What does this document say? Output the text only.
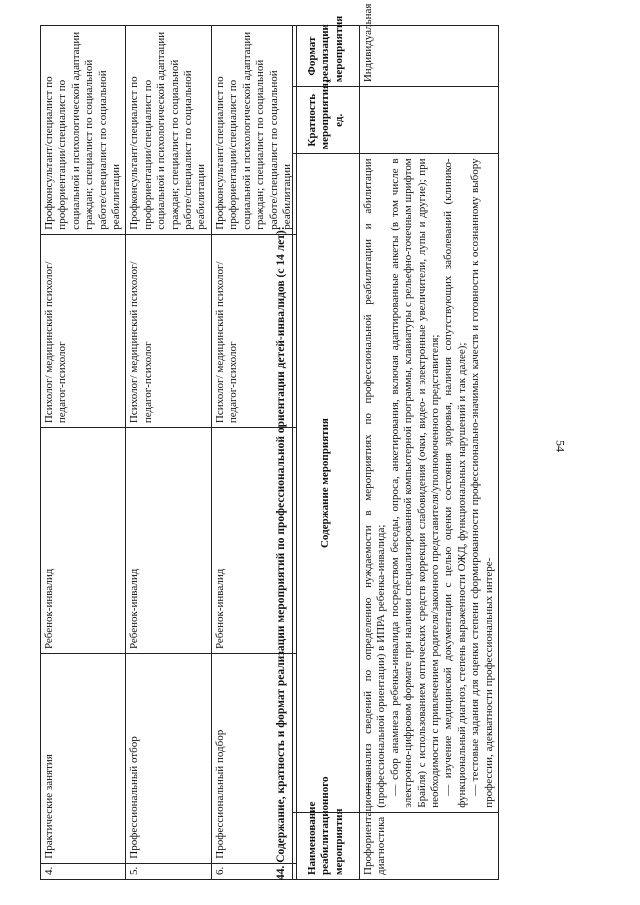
54
4.	Практические занятия	Ребенок-инвалид	Психолог/ медицинский психолог/ педагог-психолог	Профконсультант/специалист по профориентации/специалист по социальной и психологической адаптации граждан; специалист по социальной работе/специалист по социальной реабилитации
5.	Профессиональный отбор	Ребенок-инвалид	Психолог/ медицинский психолог/ педагог-психолог	Профконсультант/специалист по профориентации/специалист по социальной и психологической адаптации граждан; специалист по социальной работе/специалист по социальной реабилитации
6.	Профессиональный подбор	Ребенок-инвалид	Психолог/ медицинский психолог/ педагог-психолог	Профконсультант/специалист по профориентации/специалист по социальной и психологической адаптации граждан; специалист по социальной работе/специалист по социальной реабилитации
44. Содержание, кратность и формат реализации мероприятий по профессиональной ориентации детей-инвалидов (с 14 лет): Наименование реабилитационного мероприятия	Содержание мероприятия	Кратность мероприятия, ед.	Формат реализации мероприятия
Профориентационная диагностика	— анализ сведений по определению нуждаемости в мероприятиях по профессиональной реабилитации и абилитации (профессиональной ориентации) в ИПРА ребенка-инвалида; — сбор анамнеза ребенка-инвалида посредством беседы, опроса, анкетирования, включая адаптированные анкеты (в том числе в электронно-цифровом формате при наличии специализированной компьютерной программы, клавиатуры с рельефно-точечным шрифтом Брайля) с использованием оптических средств коррекции слабовидения (очки, видео- и электронные увеличители, лупы и другие); при необходимости с привлечением родителя/законного представителя/уполномоченного представителя; — изучение медицинской документации с целью оценки состояния здоровья, наличия сопутствующих заболеваний (клинико-функциональный диагноз, степень выраженности ОЖД, функциональных нарушений и так далее); — тестовые задания для оценки степени сформированности профессионально-значимых качеств и готовности к осознанному выбору профессии, адекватности профессиональных интере-		Индивидуальная
